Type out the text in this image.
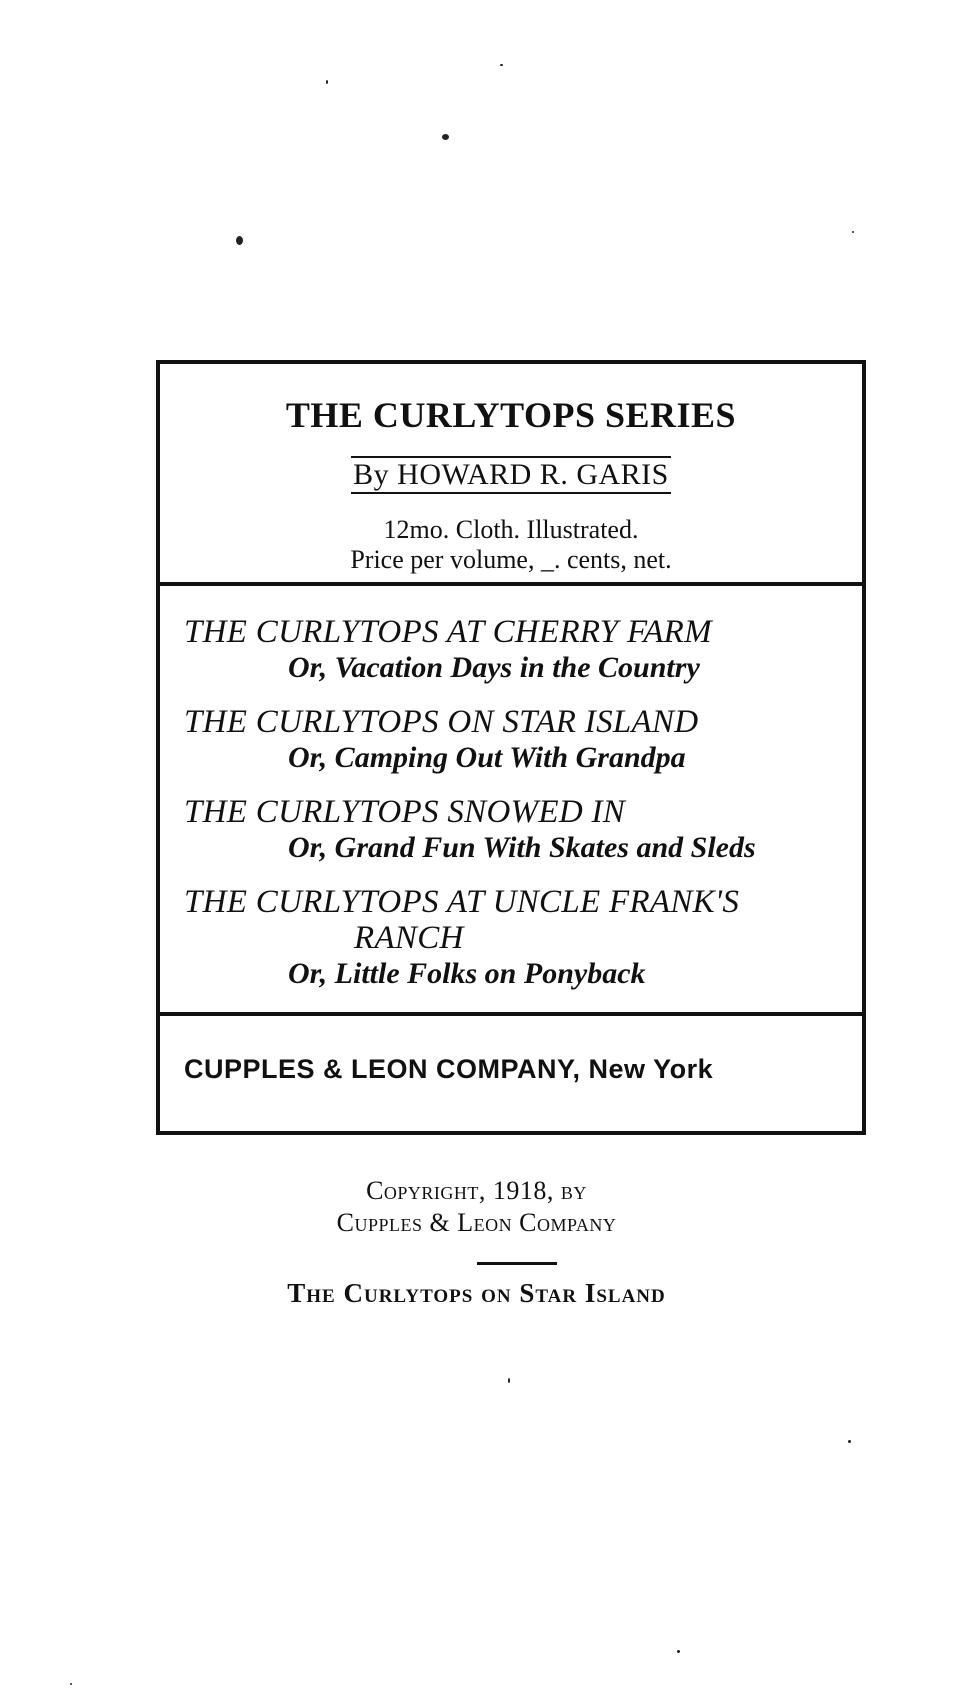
THE CURLYTOPS SERIES
By HOWARD R. GARIS
12mo. Cloth. Illustrated.
Price per volume, _. cents, net.
THE CURLYTOPS AT CHERRY FARM
Or, Vacation Days in the Country
THE CURLYTOPS ON STAR ISLAND
Or, Camping Out With Grandpa
THE CURLYTOPS SNOWED IN
Or, Grand Fun With Skates and Sleds
THE CURLYTOPS AT UNCLE FRANK'S
RANCH
Or, Little Folks on Ponyback
CUPPLES & LEON COMPANY, New York
Copyright, 1918, by
Cupples & Leon Company
The Curlytops on Star Island
